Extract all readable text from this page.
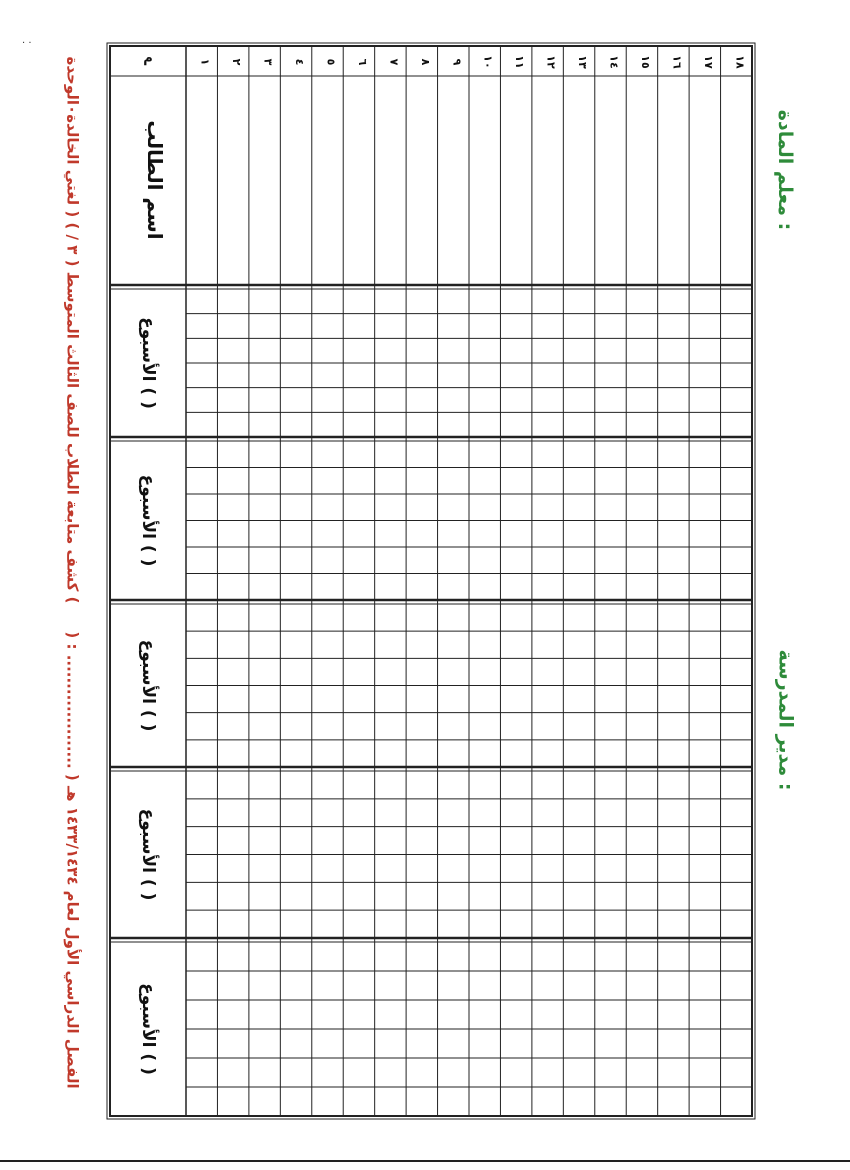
· ·
كشف متابعة الطلاب للصف الثالث المتوسط ( ٣ / ) ( لغتي الخالدة٠الوحدة (
) : .................... ) الفصل الدراسي الأول لعام ١٤٣٣/١٤٣٤ هـ
معلم المادة :
مدير المدرسة :
م	١ ٢ ٣ ٤ ٥ ٦ ٧ ٨ ٩ ١٠ ١١ ١٢ ١٣ ١٤ ١٥ ١٦ ١٧ ١٨
اسم الطالب
الأسبوع ( )
الأسبوع ( )
الأسبوع ( )
الأسبوع ( )
الأسبوع ( )
